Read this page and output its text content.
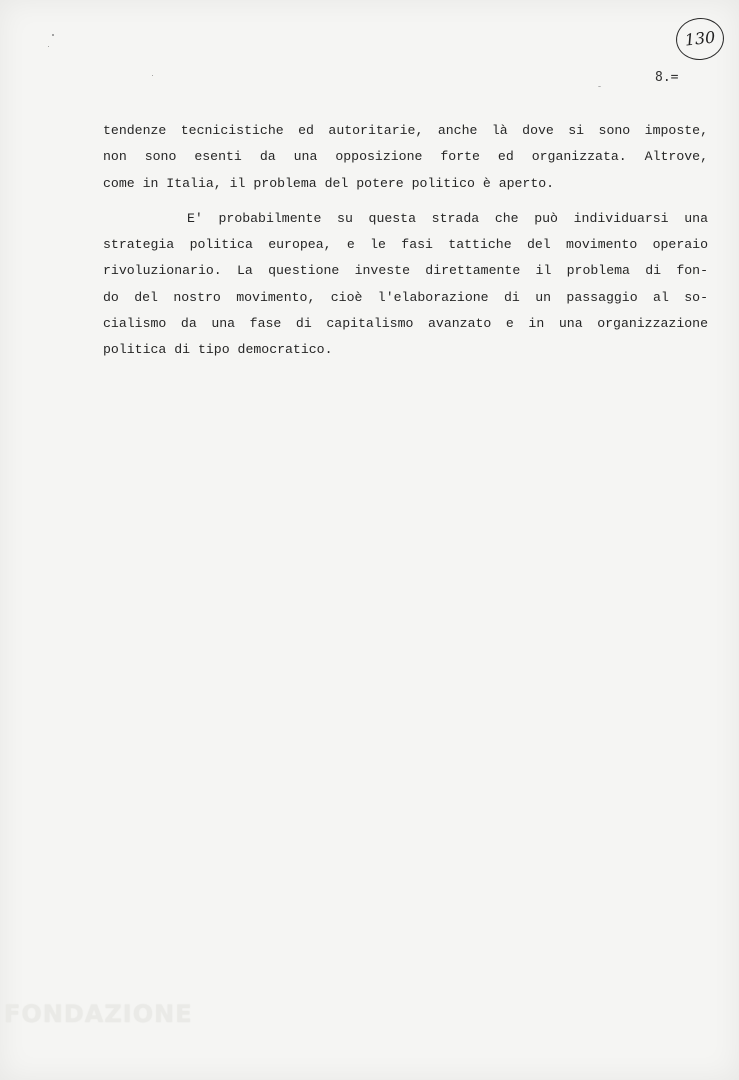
130
8.=
tendenze tecnicistiche ed autoritarie, anche là dove si sono imposte,
non sono esenti da una opposizione forte ed organizzata. Altrove,
come in Italia, il problema del potere politico è aperto.
E' probabilmente su questa strada che può individuarsi una
strategia politica europea, e le fasi tattiche del movimento operaio
rivoluzionario. La questione investe direttamente il problema di fon-
do del nostro movimento, cioè l'elaborazione di un passaggio al so-
cialismo da una fase di capitalismo avanzato e in una organizzazione
politica di tipo democratico.
FONDAZIONE
